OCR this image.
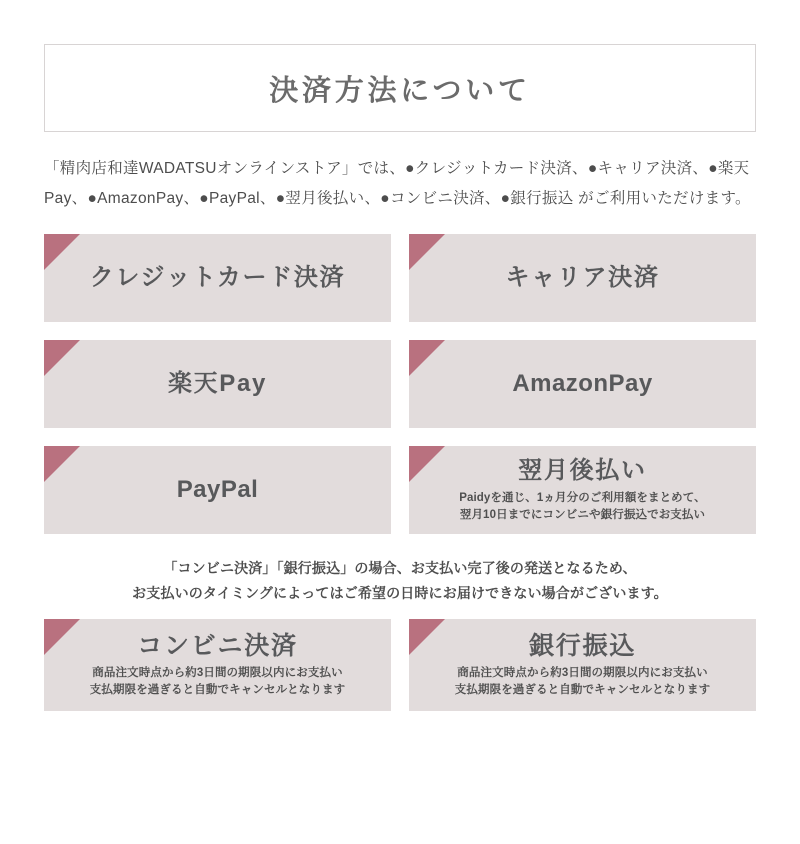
決済方法について

「精肉店和達WADATSUオンラインストア」では、●クレジットカード決済、●キャリア決済、●楽天Pay、●AmazonPay、●PayPal、●翌月後払い、●コンビニ決済、●銀行振込 がご利用いただけます。

クレジットカード決済	キャリア決済
楽天Pay	AmazonPay
PayPal
翌月後払い
Paidyを通じ、1ヵ月分のご利用額をまとめて、
翌月10日までにコンビニや銀行振込でお支払い
「コンビニ決済」「銀行振込」の場合、お支払い完了後の発送となるため、
お支払いのタイミングによってはご希望の日時にお届けできない場合がございます。
コンビニ決済
商品注文時点から約3日間の期限以内にお支払い
支払期限を過ぎると自動でキャンセルとなります
銀行振込
商品注文時点から約3日間の期限以内にお支払い
支払期限を過ぎると自動でキャンセルとなります
